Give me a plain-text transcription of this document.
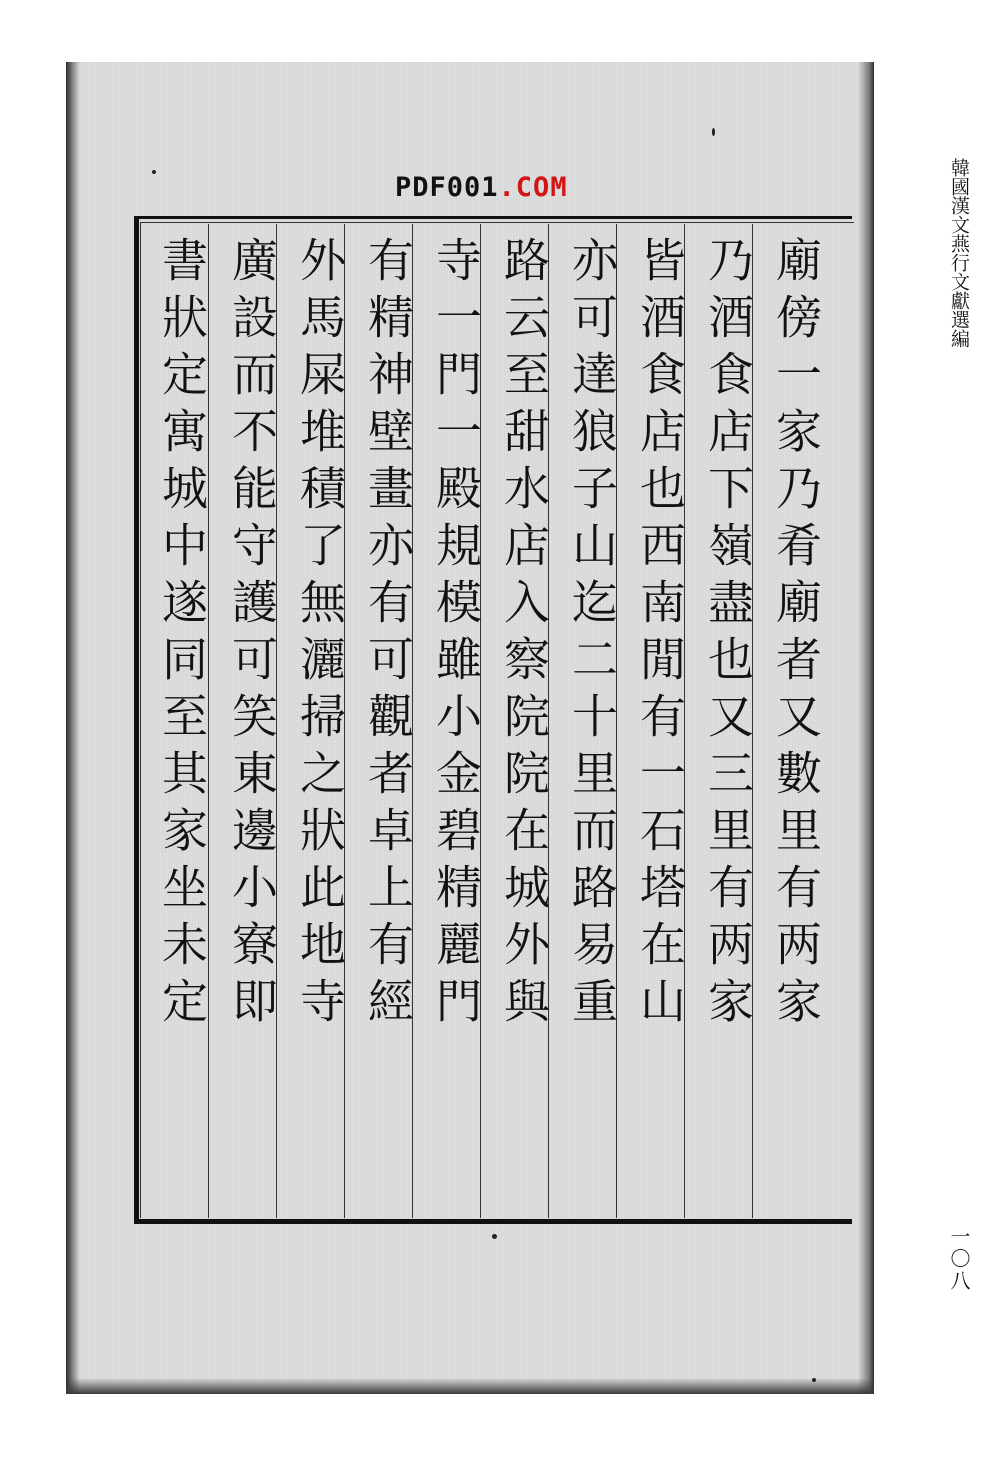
PDF001.COM
廟傍一家乃肴廟者又數里有两家
乃酒食店下嶺盡也又三里有两家
皆酒食店也西南閒有一石塔在山
亦可達狼子山迄二十里而路易重
路云至甜水店入察院院在城外與
寺一門一殿規模雖小金碧精麗門
有精神壁畫亦有可觀者卓上有經
外馬屎堆積了無灑掃之狀此地寺
廣設而不能守護可笑東邊小寮即
書狀定寓城中遂同至其家坐未定	韓國漢文燕行文獻選編
一〇八
